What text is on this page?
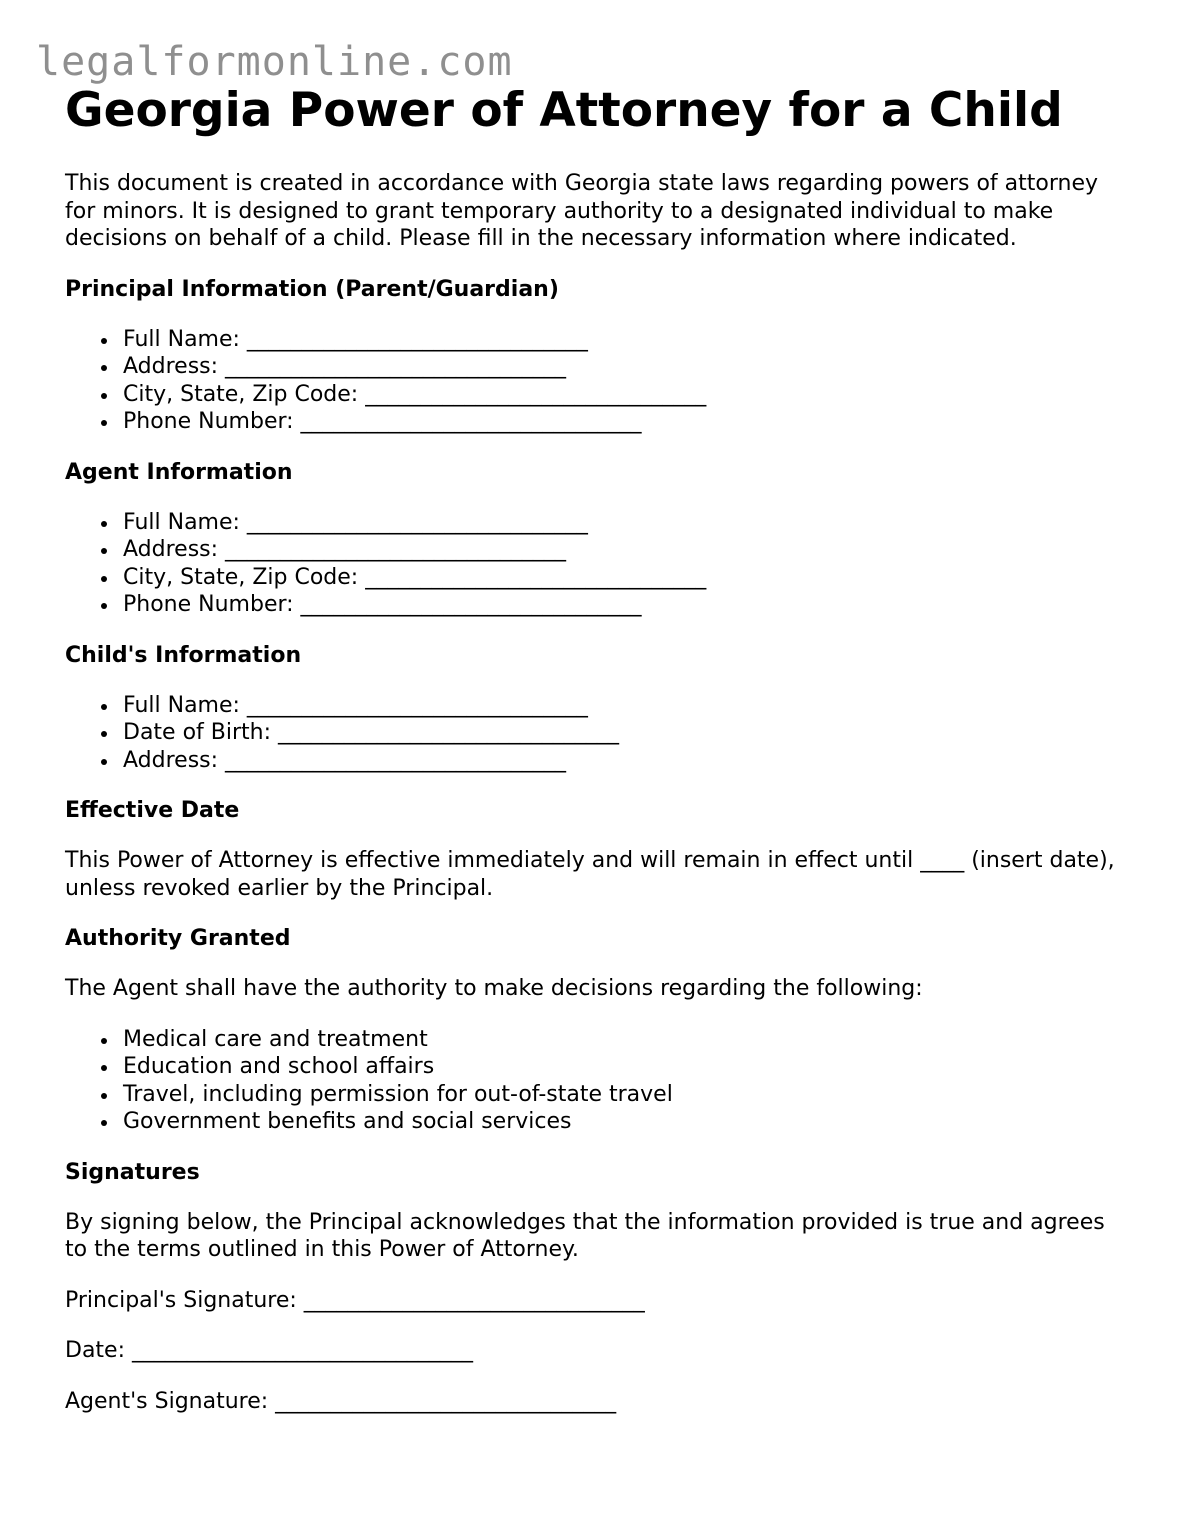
legalformonline.com
Georgia Power of Attorney for a Child

This document is created in accordance with Georgia state laws regarding powers of attorney for minors. It is designed to grant temporary authority to a designated individual to make decisions on behalf of a child. Please fill in the necessary information where indicated.

Principal Information (Parent/Guardian)
Full Name: _______________________________
Address: _______________________________
City, State, Zip Code: _______________________________
Phone Number: _______________________________
Agent Information
Full Name: _______________________________
Address: _______________________________
City, State, Zip Code: _______________________________
Phone Number: _______________________________
Child's Information
Full Name: _______________________________
Date of Birth: _______________________________
Address: _______________________________
Effective Date

This Power of Attorney is effective immediately and will remain in effect until ____ (insert date), unless revoked earlier by the Principal.

Authority Granted

The Agent shall have the authority to make decisions regarding the following:

Medical care and treatment
Education and school affairs
Travel, including permission for out-of-state travel
Government benefits and social services
Signatures

By signing below, the Principal acknowledges that the information provided is true and agrees to the terms outlined in this Power of Attorney.

Principal's Signature: _______________________________

Date: _______________________________

Agent's Signature: _______________________________
